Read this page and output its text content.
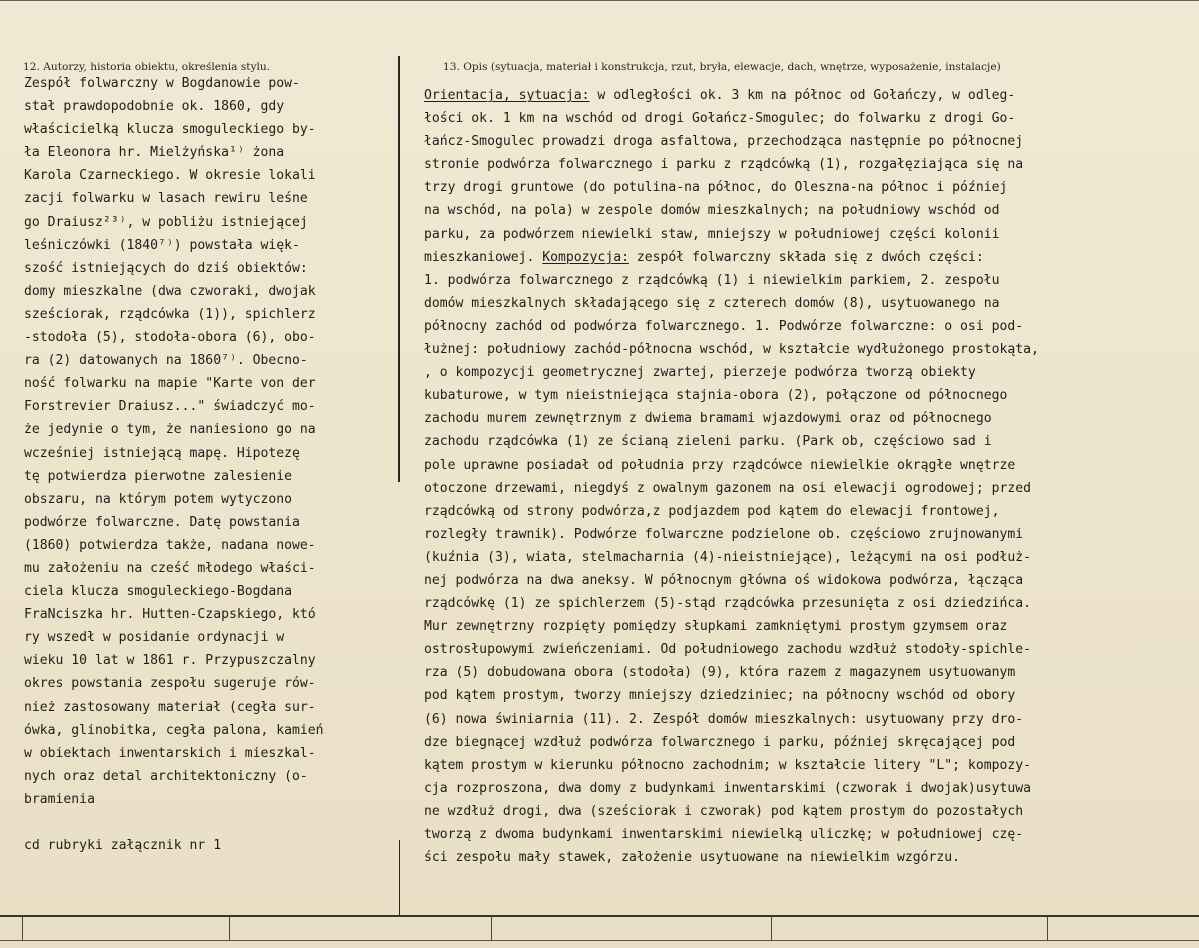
12. Autorzy, historia obiektu, określenia stylu.	13. Opis (sytuacja, materiał i konstrukcja, rzut, bryła, elewacje, dach, wnętrze, wyposażenie, instalacje)
Zespół folwarczny w Bogdanowie pow-
stał prawdopodobnie ok. 1860, gdy
właścicielką klucza smoguleckiego by-
ła Eleonora hr. Mielżyńska¹⁾ żona
Karola Czarneckiego. W okresie lokali
zacji folwarku w lasach rewiru leśne
go Draiusz²³⁾, w pobliżu istniejącej
leśniczówki (1840⁷⁾) powstała więk-
szość istniejących do dziś obiektów:
domy mieszkalne (dwa czworaki, dwojak
sześciorak, rządcówka (1)), spichlerz
-stodoła (5), stodoła-obora (6), obo-
ra (2) datowanych na 1860⁷⁾. Obecno-
ność folwarku na mapie "Karte von der
Forstrevier Draiusz..." świadczyć mo-
że jedynie o tym, że naniesiono go na
wcześniej istniejącą mapę. Hipotezę
tę potwierdza pierwotne zalesienie
obszaru, na którym potem wytyczono
podwórze folwarczne. Datę powstania
(1860) potwierdza także, nadana nowe-
mu założeniu na cześć młodego właści-
ciela klucza smoguleckiego-Bogdana
FraNciszka hr. Hutten-Czapskiego, któ
ry wszedł w posidanie ordynacji w
wieku 10 lat w 1861 r. Przypuszczalny
okres powstania zespołu sugeruje rów-
nież zastosowany materiał (cegła sur-
ówka, glinobitka, cegła palona, kamień
w obiektach inwentarskich i mieszkal-
nych oraz detal architektoniczny (o-
bramienia
cd rubryki załącznik nr 1
Orientacja, sytuacja: w odległości ok. 3 km na północ od Gołańczy, w odleg-
łości ok. 1 km na wschód od drogi Gołańcz-Smogulec; do folwarku z drogi Go-
łańcz-Smogulec prowadzi droga asfaltowa, przechodząca następnie po północnej
stronie podwórza folwarcznego i parku z rządcówką (1), rozgałęziająca się na
trzy drogi gruntowe (do potulina-na północ, do Oleszna-na północ i później
na wschód, na pola) w zespole domów mieszkalnych; na południowy wschód od
parku, za podwórzem niewielki staw, mniejszy w południowej części kolonii
mieszkaniowej. Kompozycja: zespół folwarczny składa się z dwóch części:
1. podwórza folwarcznego z rządcówką (1) i niewielkim parkiem, 2. zespołu
domów mieszkalnych składającego się z czterech domów (8), usytuowanego na
północny zachód od podwórza folwarcznego. 1. Podwórze folwarczne: o osi pod-
łużnej: południowy zachód-północna wschód, w kształcie wydłużonego prostokąta,
, o kompozycji geometrycznej zwartej, pierzeje podwórza tworzą obiekty
kubaturowe, w tym nieistniejąca stajnia-obora (2), połączone od północnego
zachodu murem zewnętrznym z dwiema bramami wjazdowymi oraz od północnego
zachodu rządcówka (1) ze ścianą zieleni parku. (Park ob, częściowo sad i
pole uprawne posiadał od południa przy rządcówce niewielkie okrągłe wnętrze
otoczone drzewami, niegdyś z owalnym gazonem na osi elewacji ogrodowej; przed
rządcówką od strony podwórza,z podjazdem pod kątem do elewacji frontowej,
rozległy trawnik). Podwórze folwarczne podzielone ob. częściowo zrujnowanymi
(kuźnia (3), wiata, stelmacharnia (4)-nieistniejące), leżącymi na osi podłuż-
nej podwórza na dwa aneksy. W północnym główna oś widokowa podwórza, łącząca
rządcówkę (1) ze spichlerzem (5)-stąd rządcówka przesunięta z osi dziedzińca.
Mur zewnętrzny rozpięty pomiędzy słupkami zamkniętymi prostym gzymsem oraz
ostrosłupowymi zwieńczeniami. Od południowego zachodu wzdłuż stodoły-spichle-
rza (5) dobudowana obora (stodoła) (9), która razem z magazynem usytuowanym
pod kątem prostym, tworzy mniejszy dziedziniec; na północny wschód od obory
(6) nowa świniarnia (11). 2. Zespół domów mieszkalnych: usytuowany przy dro-
dze biegnącej wzdłuż podwórza folwarcznego i parku, później skręcającej pod
kątem prostym w kierunku północno zachodnim; w kształcie litery "L"; kompozy-
cja rozproszona, dwa domy z budynkami inwentarskimi (czworak i dwojak)usytuwa
ne wzdłuż drogi, dwa (sześciorak i czworak) pod kątem prostym do pozostałych
tworzą z dwoma budynkami inwentarskimi niewielką uliczkę; w południowej czę-
ści zespołu mały stawek, założenie usytuowane na niewielkim wzgórzu.
